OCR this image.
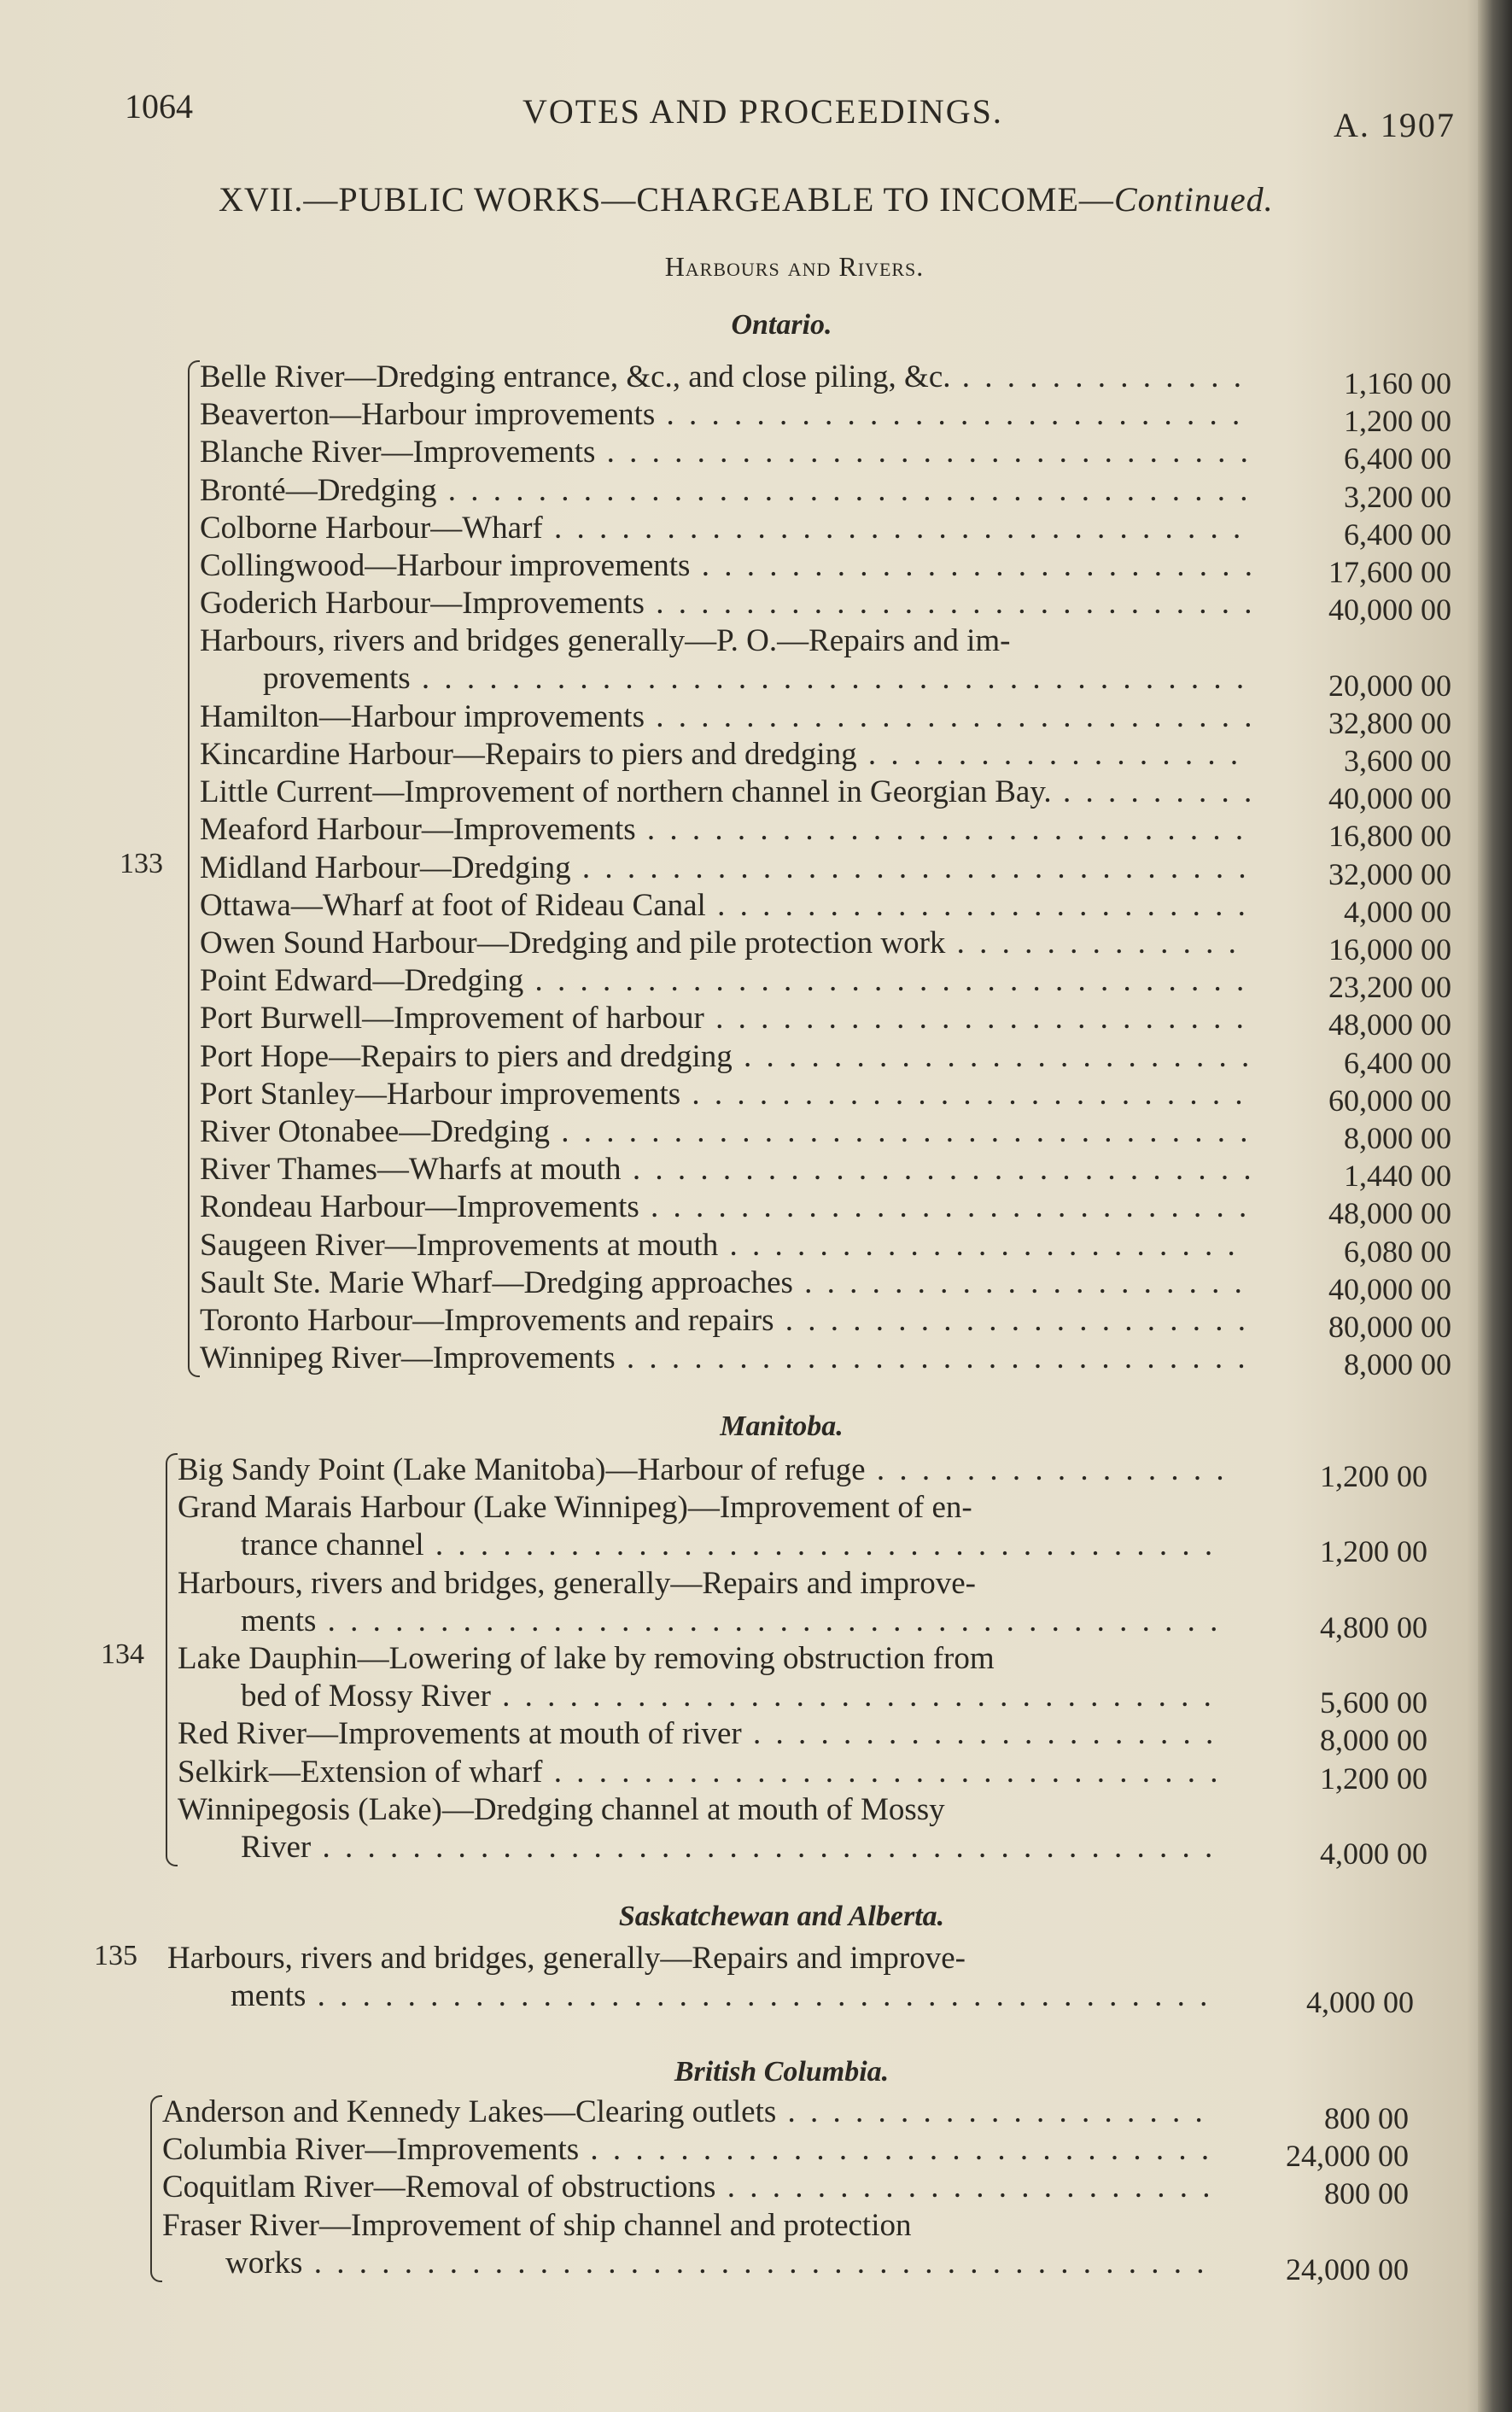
1064	VOTES AND PROCEEDINGS.	A. 1907
XVII.—PUBLIC WORKS—CHARGEABLE TO INCOME—Continued.
Harbours and Rivers.
Ontario.
133
Belle River—Dredging entrance, &c., and close piling, &c. . . .	1,160 00
Beaverton—Harbour improvements . . .	1,200 00
Blanche River—Improvements . . .	6,400 00
Bronté—Dredging . . .	3,200 00
Colborne Harbour—Wharf . . .	6,400 00
Collingwood—Harbour improvements . . .	17,600 00
Goderich Harbour—Improvements . . .	40,000 00
Harbours, rivers and bridges generally—P. O.—Repairs and im-
provements . . .	20,000 00
Hamilton—Harbour improvements . . .	32,800 00
Kincardine Harbour—Repairs to piers and dredging . . .	3,600 00
Little Current—Improvement of northern channel in Georgian Bay. . . .	40,000 00
Meaford Harbour—Improvements . . .	16,800 00
Midland Harbour—Dredging . . .	32,000 00
Ottawa—Wharf at foot of Rideau Canal . . .	4,000 00
Owen Sound Harbour—Dredging and pile protection work . . .	16,000 00
Point Edward—Dredging . . .	23,200 00
Port Burwell—Improvement of harbour . . .	48,000 00
Port Hope—Repairs to piers and dredging . . .	6,400 00
Port Stanley—Harbour improvements . . .	60,000 00
River Otonabee—Dredging . . .	8,000 00
River Thames—Wharfs at mouth . . .	1,440 00
Rondeau Harbour—Improvements . . .	48,000 00
Saugeen River—Improvements at mouth . . .	6,080 00
Sault Ste. Marie Wharf—Dredging approaches . . .	40,000 00
Toronto Harbour—Improvements and repairs . . .	80,000 00
Winnipeg River—Improvements . . .	8,000 00
Manitoba.
134
Big Sandy Point (Lake Manitoba)—Harbour of refuge . . .	1,200 00
Grand Marais Harbour (Lake Winnipeg)—Improvement of en-
trance channel . . .	1,200 00
Harbours, rivers and bridges, generally—Repairs and improve-
ments . . .	4,800 00
Lake Dauphin—Lowering of lake by removing obstruction from
bed of Mossy River . . .	5,600 00
Red River—Improvements at mouth of river . . .	8,000 00
Selkirk—Extension of wharf . . .	1,200 00
Winnipegosis (Lake)—Dredging channel at mouth of Mossy
River . . .	4,000 00
Saskatchewan and Alberta.
135 Harbours, rivers and bridges, generally—Repairs and improve-
ments . . .	4,000 00
British Columbia.
Anderson and Kennedy Lakes—Clearing outlets . . .	800 00
Columbia River—Improvements . . .	24,000 00
Coquitlam River—Removal of obstructions . . .	800 00
Fraser River—Improvement of ship channel and protection
works . . .	24,000 00
